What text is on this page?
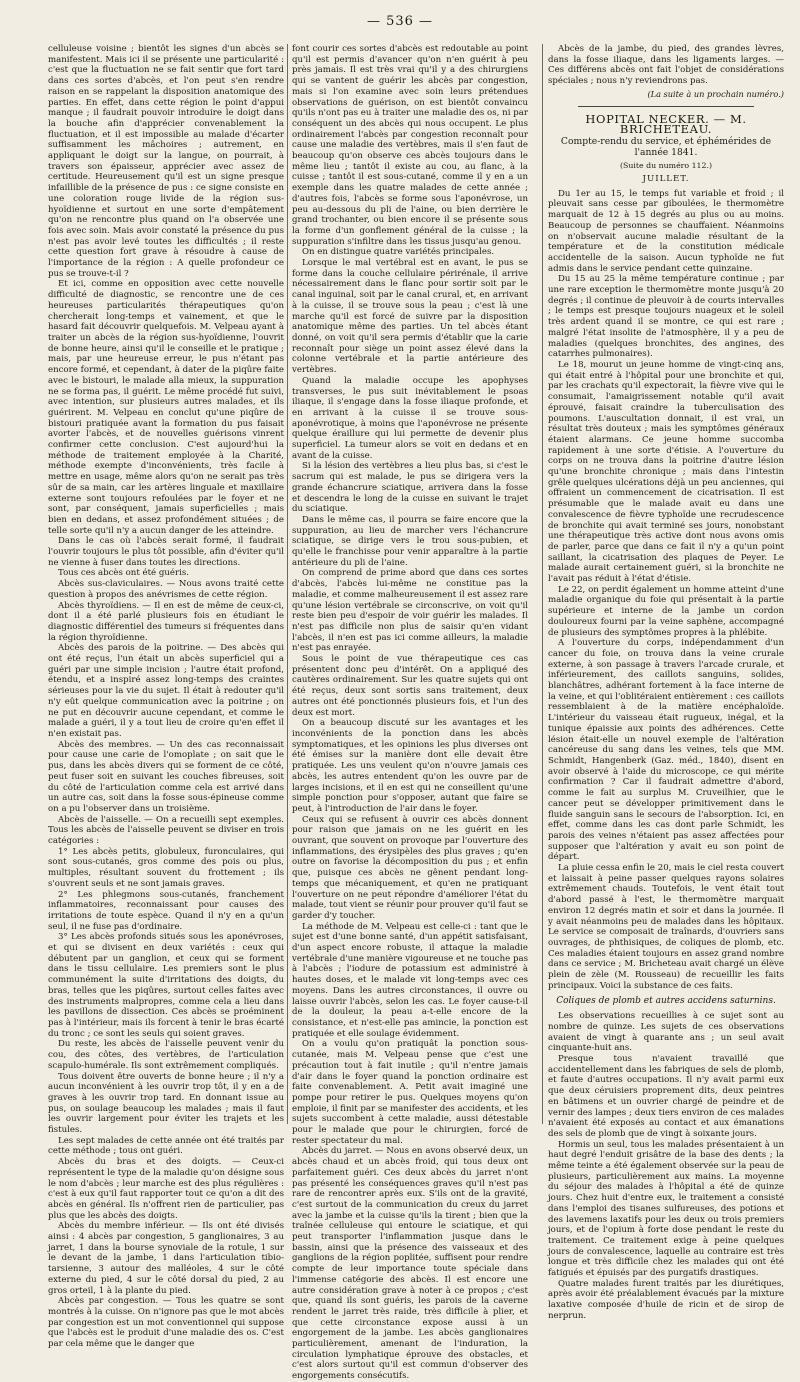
— 536 —

celluleuse voisine ; bientôt les signes d'un abcès se manifestent. Mais ici il se présente une particularité : c'est que la fluctuation ne se fait sentir que fort tard dans ces sortes d'abcès, et l'on peut s'en rendre raison en se rappelant la disposition anatomique des parties. En effet, dans cette région le point d'appui manque ; il faudrait pouvoir introduire le doigt dans la bouche afin d'apprécier convenablement la fluctuation, et il est impossible au malade d'écarter suffisamment les mâchoires ; autrement, en appliquant le doigt sur la langue, on pourrait, à travers son épaisseur, apprécier avec assez de certitude. Heureusement qu'il est un signe presque infaillible de la présence de pus : ce signe consiste en une coloration rouge livide de la région sus-hyoïdienne et surtout en une sorte d'empâtement qu'on ne rencontre plus quand on l'a observée une fois avec soin. Mais avoir constaté la présence du pus n'est pas avoir levé toutes les difficultés ; il reste cette question fort grave à résoudre à cause de l'importance de la région : A quelle profondeur ce pus se trouve-t-il ?

Et ici, comme en opposition avec cette nouvelle difficulté de diagnostic, se rencontre une de ces heureuses particularités thérapeutiques qu'on chercherait long-temps et vainement, et que le hasard fait découvrir quelquefois. M. Velpeau ayant à traiter un abcès de la région sus-hyoïdienne, l'ouvrit de bonne heure, ainsi qu'il le conseille et le pratique ; mais, par une heureuse erreur, le pus n'étant pas encore formé, et cependant, à dater de la piqûre faite avec le bistouri, le malade alla mieux, la suppuration ne se forma pas, il guérit. Le même procédé fut suivi, avec intention, sur plusieurs autres malades, et ils guérirent. M. Velpeau en conclut qu'une piqûre de bistouri pratiquée avant la formation du pus faisait avorter l'abcès, et de nouvelles guérisons vinrent confirmer cette conclusion. C'est aujourd'hui la méthode de traitement employée à la Charité, méthode exempte d'inconvénients, très facile à mettre en usage, même alors qu'on ne serait pas très sûr de sa main, car les artères linguale et maxillaire externe sont toujours refoulées par le foyer et ne sont, par conséquent, jamais superficielles ; mais bien en dedans, et assez profondément situées ; de telle sorte qu'il n'y a aucun danger de les atteindre.

Dans le cas où l'abcès serait formé, il faudrait l'ouvrir toujours le plus tôt possible, afin d'éviter qu'il ne vienne à fuser dans toutes les directions.

Tous ces abcès ont été guéris.

Abcès sus-claviculaires. — Nous avons traité cette question à propos des anévrismes de cette région.

Abcès thyroïdiens. — Il en est de même de ceux-ci, dont il a été parlé plusieurs fois en étudiant le diagnostic différentiel des tumeurs si fréquentes dans la région thyroïdienne.

Abcès des parois de la poitrine. — Des abcès qui ont été reçus, l'un était un abcès superficiel qui a guéri par une simple incision ; l'autre était profond, étendu, et a inspiré assez long-temps des craintes sérieuses pour la vie du sujet. Il était à redouter qu'il n'y eût quelque communication avec la poitrine ; on ne put en découvrir aucune cependant, et comme le malade a guéri, il y a tout lieu de croire qu'en effet il n'en existait pas.

Abcès des membres. — Un des cas reconnaissait pour cause une carie de l'omoplate ; on sait que le pus, dans les abcès divers qui se forment de ce côté, peut fuser soit en suivant les couches fibreuses, soit du côté de l'articulation comme cela est arrivé dans un autre cas, soit dans la fosse sous-épineuse comme on a pu l'observer dans un troisième.

Abcès de l'aisselle. — On a recueilli sept exemples. Tous les abcès de l'aisselle peuvent se diviser en trois catégories :

1° Les abcès petits, globuleux, furonculaires, qui sont sous-cutanés, gros comme des pois ou plus, multiples, résultant souvent du frottement ; ils s'ouvrent seuls et ne sont jamais graves.

2° Les phlegmons sous-cutanés, franchement inflammatoires, reconnaissant pour causes des irritations de toute espèce. Quand il n'y en a qu'un seul, il ne fuse pas d'ordinaire.

3° Les abcès profonds situés sous les aponévroses, et qui se divisent en deux variétés : ceux qui débutent par un ganglion, et ceux qui se forment dans le tissu cellulaire. Les premiers sont le plus communément la suite d'irritations des doigts, du bras, telles que les piqûres, surtout celles faites avec des instruments malpropres, comme cela a lieu dans les pavillons de dissection. Ces abcès se proéminent pas à l'intérieur, mais ils forcent à tenir le bras écarté du tronc ; ce sont les seuls qui soient graves.

Du reste, les abcès de l'aisselle peuvent venir du cou, des côtes, des vertèbres, de l'articulation scapulo-humérale. Ils sont extrêmement compliqués.

Tous doivent être ouverts de bonne heure ; il n'y a aucun inconvénient à les ouvrir trop tôt, il y en a de graves à les ouvrir trop tard. En donnant issue au pus, on soulage beaucoup les malades ; mais il faut les ouvrir largement pour éviter les trajets et les fistules.

Les sept malades de cette année ont été traités par cette méthode ; tous ont guéri.

Abcès du bras et des doigts. — Ceux-ci représentent le type de la maladie qu'on désigne sous le nom d'abcès ; leur marche est des plus régulières : c'est à eux qu'il faut rapporter tout ce qu'on a dit des abcès en général. Ils n'offrent rien de particulier, pas plus que les abcès des doigts.

Abcès du membre inférieur. — Ils ont été divisés ainsi : 4 abcès par congestion, 5 ganglionaires, 3 au jarret, 1 dans la bourse synoviale de la rotule, 1 sur le devant de la jambe, 1 dans l'articulation tibio-tarsienne, 3 autour des malléoles, 4 sur le côté externe du pied, 4 sur le côté dorsal du pied, 2 au gros orteil, 1 à la plante du pied.

Abcès par congestion. — Tous les quatre se sont montrés à la cuisse. On n'ignore pas que le mot abcès par congestion est un mot conventionnel qui suppose que l'abcès est le produit d'une maladie des os. C'est par cela même que le danger que

font courir ces sortes d'abcès est redoutable au point qu'il est permis d'avancer qu'on n'en guérit à peu près jamais. Il est très vrai qu'il y a des chirurgiens qui se vantent de guérir les abcès par congestion, mais si l'on examine avec soin leurs prétendues observations de guérison, on est bientôt convaincu qu'ils n'ont pas eu à traiter une maladie des os, ni par conséquent un des abcès qui nous occupent. Le plus ordinairement l'abcès par congestion reconnaît pour cause une maladie des vertèbres, mais il s'en faut de beaucoup qu'on observe ces abcès toujours dans le même lieu ; tantôt il existe au cou, au flanc, à la cuisse ; tantôt il est sous-cutané, comme il y en a un exemple dans les quatre malades de cette année ; d'autres fois, l'abcès se forme sous l'aponévrose, un peu au-dessous du pli de l'aine, ou bien derrière le grand trochanter, ou bien encore il se présente sous la forme d'un gonflement général de la cuisse ; la suppuration s'infiltre dans les tissus jusqu'au genou.

On en distingue quatre variétés principales.

Lorsque le mal vertébral est en avant, le pus se forme dans la couche cellulaire périrénale, il arrive nécessairement dans le flanc pour sortir soit par le canal inguinal, soit par le canal crural, et, en arrivant à la cuisse, il se trouve sous la peau ; c'est là une marche qu'il est forcé de suivre par la disposition anatomique même des parties. Un tel abcès étant donné, on voit qu'il sera permis d'établir que la carie reconnaît pour siège un point assez élevé dans la colonne vertébrale et la partie antérieure des vertèbres.

Quand la maladie occupe les apophyses transverses, le pus suit inévitablement le psoas iliaque, il s'engage dans la fosse iliaque profonde, et en arrivant à la cuisse il se trouve sous-aponévrotique, à moins que l'aponévrose ne présente quelque éraillure qui lui permette de devenir plus superficiel. La tumeur alors se voit en dedans et en avant de la cuisse.

Si la lésion des vertèbres a lieu plus bas, si c'est le sacrum qui est malade, le pus se dirigera vers la grande échancrure sciatique, arrivera dans la fosse et descendra le long de la cuisse en suivant le trajet du sciatique.

Dans le même cas, il pourra se faire encore que la suppuration, au lieu de marcher vers l'échancrure sciatique, se dirige vers le trou sous-pubien, et qu'elle le franchisse pour venir apparaître à la partie antérieure du pli de l'aine.

On comprend de prime abord que dans ces sortes d'abcès, l'abcès lui-même ne constitue pas la maladie, et comme malheureusement il est assez rare qu'une lésion vertébrale se circonscrive, on voit qu'il reste bien peu d'espoir de voir guérir les malades. Il n'est pas difficile non plus de saisir qu'en vidant l'abcès, il n'en est pas ici comme ailleurs, la maladie n'est pas enrayée.

Sous le point de vue thérapeutique ces cas présentent donc peu d'intérêt. On a appliqué des cautères ordinairement. Sur les quatre sujets qui ont été reçus, deux sont sortis sans traitement, deux autres ont été ponctionnés plusieurs fois, et l'un des deux est mort.

On a beaucoup discuté sur les avantages et les inconvénients de la ponction dans les abcès symptomatiques, et les opinions les plus diverses ont été émises sur la manière dont elle devait être pratiquée. Les uns veulent qu'on n'ouvre jamais ces abcès, les autres entendent qu'on les ouvre par de larges incisions, et il en est qui ne conseillent qu'une simple ponction pour s'opposer, autant que faire se peut, à l'introduction de l'air dans le foyer.

Ceux qui se refusent à ouvrir ces abcès donnent pour raison que jamais on ne les guérit en les ouvrant, que souvent on provoque par l'ouverture des inflammations, des érysipèles des plus graves ; qu'en outre on favorise la décomposition du pus ; et enfin que, puisque ces abcès ne gênent pendant long-temps que mécaniquement, et qu'en ne pratiquant l'ouverture on ne peut répondre d'améliorer l'état du malade, tout vient se réunir pour prouver qu'il faut se garder d'y toucher.

La méthode de M. Velpeau est celle-ci : tant que le sujet est d'une bonne santé, d'un appétit satisfaisant, d'un aspect encore robuste, il attaque la maladie vertébrale d'une manière vigoureuse et ne touche pas à l'abcès ; l'iodure de potassium est administré à hautes doses, et le malade vit long-temps avec ces moyens. Dans les autres circonstances, il ouvre ou laisse ouvrir l'abcès, selon les cas. Le foyer cause-t-il de la douleur, la peau a-t-elle encore de la consistance, et n'est-elle pas amincie, la ponction est pratiquée et elle soulage évidemment.

On a voulu qu'on pratiquât la ponction sous-cutanée, mais M. Velpeau pense que c'est une précaution tout à fait inutile ; qu'il n'entre jamais d'air dans le foyer quand la ponction ordinaire est faite convenablement. A. Petit avait imaginé une pompe pour retirer le pus. Quelques moyens qu'on emploie, il finit par se manifester des accidents, et les sujets succombent à cette maladie, aussi détestable pour le malade que pour le chirurgien, forcé de rester spectateur du mal.

Abcès du jarret. — Nous en avons observé deux, un abcès chaud et un abcès froid, qui tous deux ont parfaitement guéri. Ces deux abcès du jarret n'ont pas présenté les conséquences graves qu'il n'est pas rare de rencontrer après eux. S'ils ont de la gravité, c'est surtout de la communication du creux du jarret avec la jambe et la cuisse qu'ils la tirent ; bien que la traînée celluleuse qui entoure le sciatique, et qui peut transporter l'inflammation jusque dans le bassin, ainsi que la présence des vaisseaux et des ganglions de la région poplitée, suffisent pour rendre compte de leur importance toute spéciale dans l'immense catégorie des abcès. Il est encore une autre considération grave à noter à ce propos ; c'est que, quand ils sont guéris, les parois de la caverne rendent le jarret très raide, très difficile à plier, et que cette circonstance expose aussi à un engorgement de la jambe. Les abcès ganglionaires particulièrement, amenant de l'induration, la circulation lymphatique éprouve des obstacles, et c'est alors surtout qu'il est commun d'observer des engorgements consécutifs.

Abcès de la jambe, du pied, des grandes lèvres, dans la fosse iliaque, dans les ligaments larges. — Ces différens abcès ont fait l'objet de considérations spéciales ; nous n'y reviendrons pas.

(La suite à un prochain numéro.)
HOPITAL NECKER. — M. BRICHETEAU.
Compte-rendu du service, et éphémérides de l'année 1841.
(Suite du numéro 112.)
JUILLET.

Du 1er au 15, le temps fut variable et froid ; il pleuvait sans cesse par giboulées, le thermomètre marquait de 12 à 15 degrés au plus ou au moins. Beaucoup de personnes se chauffaient. Néanmoins on n'observait aucune maladie résultant de la température et de la constitution médicale accidentelle de la saison. Aucun typhoïde ne fut admis dans le service pendant cette quinzaine.

Du 15 au 25 la même température continue ; par une rare exception le thermomètre monte jusqu'à 20 degrés ; il continue de pleuvoir à de courts intervalles ; le temps est presque toujours nuageux et le soleil très ardent quand il se montre, ce qui est rare ; malgré l'état insolite de l'atmosphère, il y a peu de maladies (quelques bronchites, des angines, des catarrhes pulmonaires).

Le 18, mourut un jeune homme de vingt-cinq ans, qui était entré à l'hôpital pour une bronchite et qui, par les crachats qu'il expectorait, la fièvre vive qui le consumait, l'amaigrissement notable qu'il avait éprouvé, faisait craindre la tuberculisation des poumons. L'auscultation donnait, il est vrai, un résultat très douteux ; mais les symptômes généraux étaient alarmans. Ce jeune homme succomba rapidement à une sorte d'étisie. A l'ouverture du corps on ne trouva dans la poitrine d'autre lésion qu'une bronchite chronique ; mais dans l'intestin grêle quelques ulcérations déjà un peu anciennes, qui offraient un commencement de cicatrisation. Il est présumable que le malade avait eu dans une convalescence de fièvre typhoïde une recrudescence de bronchite qui avait terminé ses jours, nonobstant une thérapeutique très active dont nous avons omis de parler, parce que dans ce fait il n'y a qu'un point saillant, la cicatrisation des plaques de Peyer. Le malade aurait certainement guéri, si la bronchite ne l'avait pas réduit à l'état d'étisie.

Le 22, on perdit également un homme atteint d'une maladie organique du foie qui présentait à la partie supérieure et interne de la jambe un cordon douloureux fourni par la veine saphène, accompagné de plusieurs des symptômes propres à la phlébite.

A l'ouverture du corps, indépendamment d'un cancer du foie, on trouva dans la veine crurale externe, à son passage à travers l'arcade crurale, et inférieurement, des caillots sanguins, solides, blanchâtres, adhérant fortement à la face interne de la veine, et qui l'oblitéraient entièrement : ces caillots ressemblaient à de la matière encéphaloïde. L'intérieur du vaisseau était rugueux, inégal, et la tunique épaissie aux points des adhérences. Cette lésion était-elle un nouvel exemple de l'altération cancéreuse du sang dans les veines, tels que MM. Schmidt, Hangenberk (Gaz. méd., 1840), disent en avoir observé à l'aide du microscope, ce qui mérite confirmation ? Car il faudrait admettre d'abord, comme le fait au surplus M. Cruveilhier, que le cancer peut se développer primitivement dans le fluide sanguin sans le secours de l'absorption. Ici, en effet, comme dans les cas dont parle Schmidt, les parois des veines n'étaient pas assez affectées pour supposer que l'altération y avait eu son point de départ.

La pluie cessa enfin le 20, mais le ciel resta couvert et laissait à peine passer quelques rayons solaires extrêmement chauds. Toutefois, le vent était tout d'abord passé à l'est, le thermomètre marquait environ 12 degrés matin et soir et dans la journée. Il y avait néanmoins peu de malades dans les hôpitaux. Le service se composait de traînards, d'ouvriers sans ouvrages, de phthisiques, de coliques de plomb, etc. Ces maladies étaient toujours en assez grand nombre dans ce service ; M. Bricheteau avait chargé un élève plein de zèle (M. Rousseau) de recueillir les faits principaux. Voici la substance de ces faits.

Coliques de plomb et autres accidens saturnins.

Les observations recueillies à ce sujet sont au nombre de quinze. Les sujets de ces observations avaient de vingt à quarante ans ; un seul avait cinquante-huit ans.

Presque tous n'avaient travaillé que accidentellement dans les fabriques de sels de plomb, et faute d'autres occupations. Il n'y avait parmi eux que deux céruisiers proprement dits, deux peintres en bâtimens et un ouvrier chargé de peindre et de vernir des lampes ; deux tiers environ de ces malades n'avaient été exposés au contact et aux émanations des sels de plomb que de vingt à soixante jours.

Hormis un seul, tous les malades présentaient à un haut degré l'enduit grisâtre de la base des dents ; la même teinte a été également observée sur la peau de plusieurs, particulièrement aux mains. La moyenne du séjour des malades à l'hôpital a été de quinze jours. Chez huit d'entre eux, le traitement a consisté dans l'emploi des tisanes sulfureuses, des potions et des lavemens laxatifs pour les deux ou trois premiers jours, et de l'opium à forte dose pendant le reste du traitement. Ce traitement exige à peine quelques jours de convalescence, laquelle au contraire est très longue et très difficile chez les malades qui ont été fatigués et épuisés par des purgatifs drastiques.

Quatre malades furent traités par les diurétiques, après avoir été préalablement évacués par la mixture laxative composée d'huile de ricin et de sirop de nerprun.
